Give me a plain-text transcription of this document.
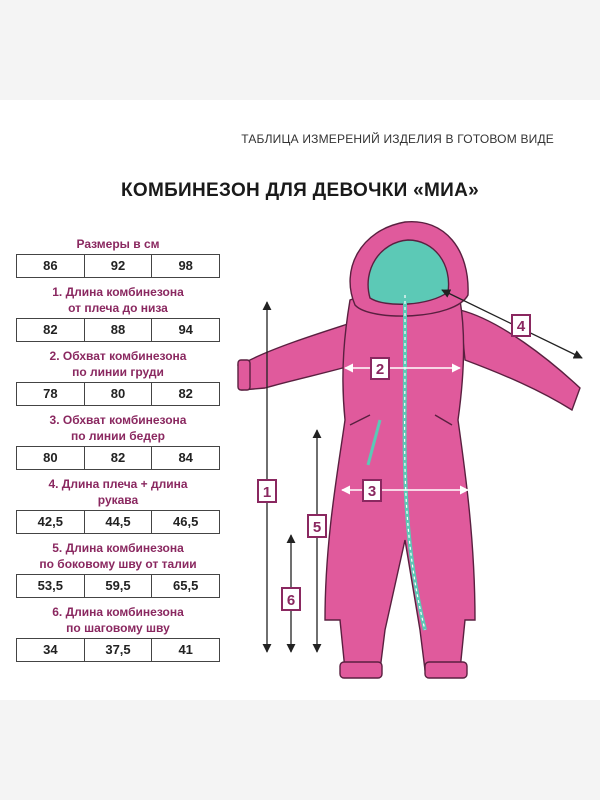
ТАБЛИЦА ИЗМЕРЕНИЙ ИЗДЕЛИЯ В ГОТОВОМ ВИДЕ
КОМБИНЕЗОН ДЛЯ ДЕВОЧКИ «МИА»
Размеры в см
86	92	98
1. Длина комбинезона
от плеча до низа
82	88	94
2. Обхват комбинезона
по линии груди
78	80	82
3. Обхват комбинезона
по линии бедер
80	82	84
4. Длина плеча + длина
рукава
42,5	44,5	46,5
5. Длина комбинезона
по боковому шву от талии
53,5	59,5	65,5
6. Длина комбинезона
по шаговому шву
34	37,5	41
1
2
3
4
5
6
